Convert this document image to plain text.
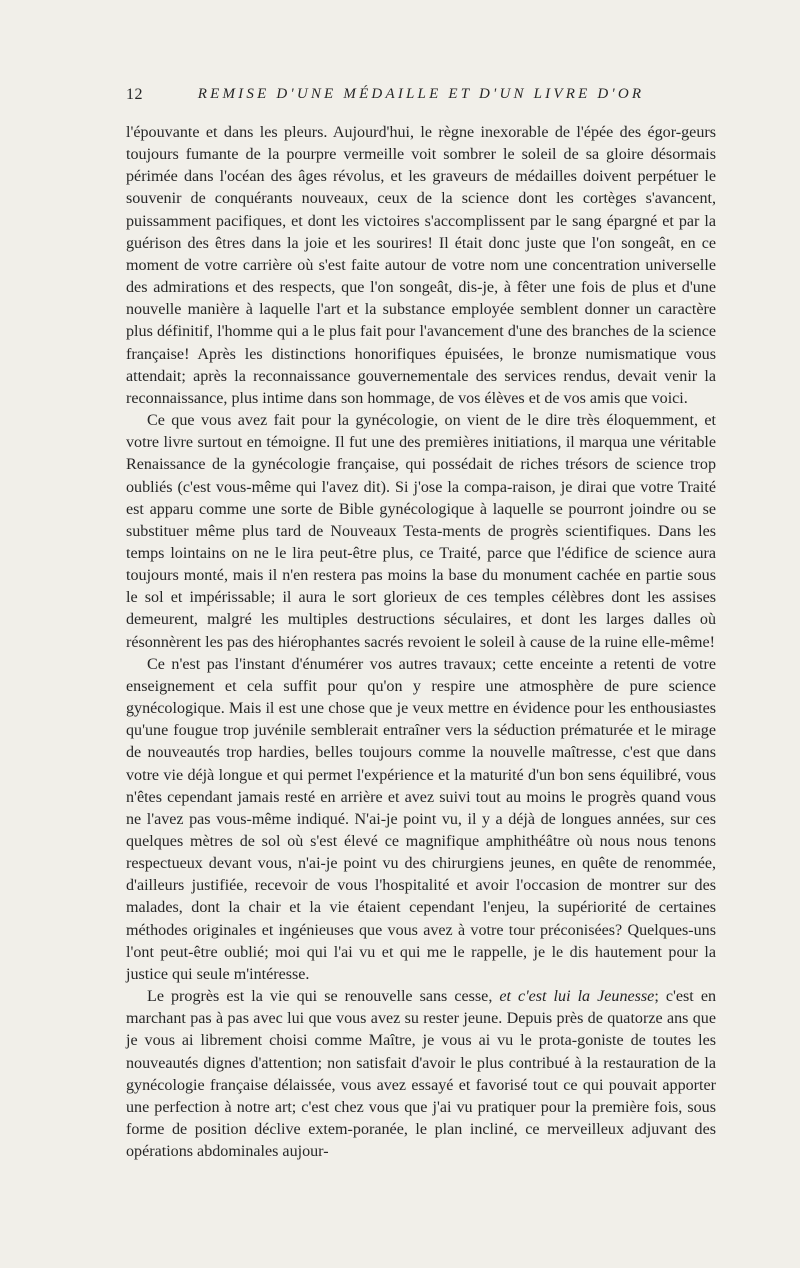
12	REMISE D'UNE MÉDAILLE ET D'UN LIVRE D'OR

l'épouvante et dans les pleurs. Aujourd'hui, le règne inexorable de l'épée des égor-geurs toujours fumante de la pourpre vermeille voit sombrer le soleil de sa gloire désormais périmée dans l'océan des âges révolus, et les graveurs de médailles doivent perpétuer le souvenir de conquérants nouveaux, ceux de la science dont les cortèges s'avancent, puissamment pacifiques, et dont les victoires s'accomplissent par le sang épargné et par la guérison des êtres dans la joie et les sourires! Il était donc juste que l'on songeât, en ce moment de votre carrière où s'est faite autour de votre nom une concentration universelle des admirations et des respects, que l'on songeât, dis-je, à fêter une fois de plus et d'une nouvelle manière à laquelle l'art et la substance employée semblent donner un caractère plus définitif, l'homme qui a le plus fait pour l'avancement d'une des branches de la science française! Après les distinctions honorifiques épuisées, le bronze numismatique vous attendait; après la reconnaissance gouvernementale des services rendus, devait venir la reconnaissance, plus intime dans son hommage, de vos élèves et de vos amis que voici.

Ce que vous avez fait pour la gynécologie, on vient de le dire très éloquemment, et votre livre surtout en témoigne. Il fut une des premières initiations, il marqua une véritable Renaissance de la gynécologie française, qui possédait de riches trésors de science trop oubliés (c'est vous-même qui l'avez dit). Si j'ose la compa-raison, je dirai que votre Traité est apparu comme une sorte de Bible gynécologique à laquelle se pourront joindre ou se substituer même plus tard de Nouveaux Testa-ments de progrès scientifiques. Dans les temps lointains on ne le lira peut-être plus, ce Traité, parce que l'édifice de science aura toujours monté, mais il n'en restera pas moins la base du monument cachée en partie sous le sol et impérissable; il aura le sort glorieux de ces temples célèbres dont les assises demeurent, malgré les multiples destructions séculaires, et dont les larges dalles où résonnèrent les pas des hiérophantes sacrés revoient le soleil à cause de la ruine elle-même!

Ce n'est pas l'instant d'énumérer vos autres travaux; cette enceinte a retenti de votre enseignement et cela suffit pour qu'on y respire une atmosphère de pure science gynécologique. Mais il est une chose que je veux mettre en évidence pour les enthousiastes qu'une fougue trop juvénile semblerait entraîner vers la séduction prématurée et le mirage de nouveautés trop hardies, belles toujours comme la nouvelle maîtresse, c'est que dans votre vie déjà longue et qui permet l'expérience et la maturité d'un bon sens équilibré, vous n'êtes cependant jamais resté en arrière et avez suivi tout au moins le progrès quand vous ne l'avez pas vous-même indiqué. N'ai-je point vu, il y a déjà de longues années, sur ces quelques mètres de sol où s'est élevé ce magnifique amphithéâtre où nous nous tenons respectueux devant vous, n'ai-je point vu des chirurgiens jeunes, en quête de renommée, d'ailleurs justifiée, recevoir de vous l'hospitalité et avoir l'occasion de montrer sur des malades, dont la chair et la vie étaient cependant l'enjeu, la supériorité de certaines méthodes originales et ingénieuses que vous avez à votre tour préconisées? Quelques-uns l'ont peut-être oublié; moi qui l'ai vu et qui me le rappelle, je le dis hautement pour la justice qui seule m'intéresse.

Le progrès est la vie qui se renouvelle sans cesse, et c'est lui la Jeunesse; c'est en marchant pas à pas avec lui que vous avez su rester jeune. Depuis près de quatorze ans que je vous ai librement choisi comme Maître, je vous ai vu le prota-goniste de toutes les nouveautés dignes d'attention; non satisfait d'avoir le plus contribué à la restauration de la gynécologie française délaissée, vous avez essayé et favorisé tout ce qui pouvait apporter une perfection à notre art; c'est chez vous que j'ai vu pratiquer pour la première fois, sous forme de position déclive extem-poranée, le plan incliné, ce merveilleux adjuvant des opérations abdominales aujour-
